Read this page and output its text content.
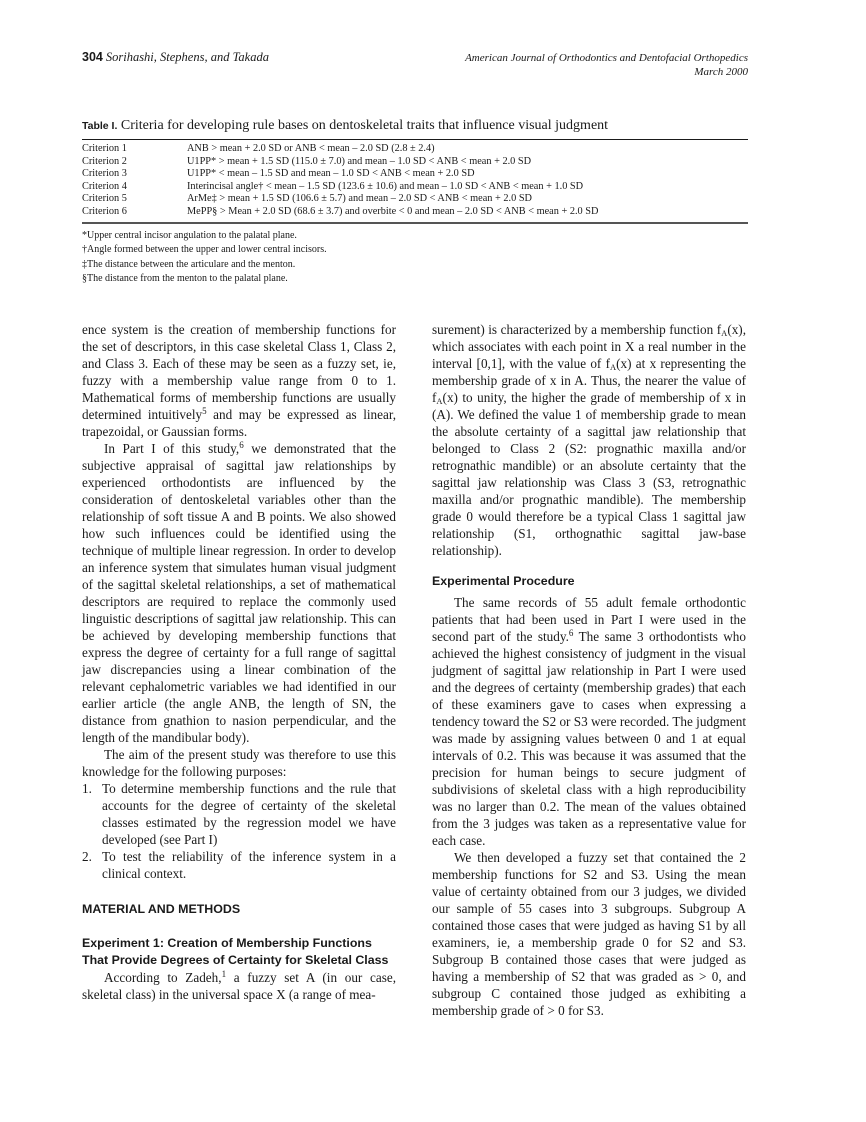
304 Sorihashi, Stephens, and Takada	American Journal of Orthodontics and Dentofacial Orthopedics
March 2000
Table I. Criteria for developing rule bases on dentoskeletal traits that influence visual judgment
Criterion 1	ANB > mean + 2.0 SD or ANB < mean – 2.0 SD (2.8 ± 2.4)
Criterion 2	U1PP* > mean + 1.5 SD (115.0 ± 7.0) and mean – 1.0 SD < ANB < mean + 2.0 SD
Criterion 3	U1PP* < mean – 1.5 SD and mean – 1.0 SD < ANB < mean + 2.0 SD
Criterion 4	Interincisal angle† < mean – 1.5 SD (123.6 ± 10.6) and mean – 1.0 SD < ANB < mean + 1.0 SD
Criterion 5	ArMe‡ > mean + 1.5 SD (106.6 ± 5.7) and mean – 2.0 SD < ANB < mean + 2.0 SD
Criterion 6	MePP§ > Mean + 2.0 SD (68.6 ± 3.7) and overbite < 0 and mean – 2.0 SD < ANB < mean + 2.0 SD
*Upper central incisor angulation to the palatal plane.
†Angle formed between the upper and lower central incisors.
‡The distance between the articulare and the menton.
§The distance from the menton to the palatal plane.

ence system is the creation of membership functions for the set of descriptors, in this case skeletal Class 1, Class 2, and Class 3. Each of these may be seen as a fuzzy set, ie, fuzzy with a membership value range from 0 to 1. Mathematical forms of membership functions are usually determined intuitively$^5$ and may be expressed as linear, trapezoidal, or Gaussian forms.

In Part I of this study,$^6$ we demonstrated that the subjective appraisal of sagittal jaw relationships by experienced orthodontists are influenced by the consideration of dentoskeletal variables other than the relationship of soft tissue A and B points. We also showed how such influences could be identified using the technique of multiple linear regression. In order to develop an inference system that simulates human visual judgment of the sagittal skeletal relationships, a set of mathematical descriptors are required to replace the commonly used linguistic descriptions of sagittal jaw relationship. This can be achieved by developing membership functions that express the degree of certainty for a full range of sagittal jaw discrepancies using a linear combination of the relevant cephalometric variables we had identified in our earlier article (the angle ANB, the length of SN, the distance from gnathion to nasion perpendicular, and the length of the mandibular body).

The aim of the present study was therefore to use this knowledge for the following purposes:

1. To determine membership functions and the rule that accounts for the degree of certainty of the skeletal classes estimated by the regression model we have developed (see Part I)
2. To test the reliability of the inference system in a clinical context.
MATERIAL AND METHODS
Experiment 1: Creation of Membership Functions That Provide Degrees of Certainty for Skeletal Class

According to Zadeh,$^1$ a fuzzy set A (in our case, skeletal class) in the universal space X (a range of mea-

surement) is characterized by a membership function $f_A(x)$, which associates with each point in X a real number in the interval [0,1], with the value of $f_A(x)$ at x representing the membership grade of x in A. Thus, the nearer the value of $f_A(x)$ to unity, the higher the grade of membership of x in (A). We defined the value 1 of membership grade to mean the absolute certainty of a sagittal jaw relationship that belonged to Class 2 (S2: prognathic maxilla and/or retrognathic mandible) or an absolute certainty that the sagittal jaw relationship was Class 3 (S3, retrognathic maxilla and/or prognathic mandible). The membership grade 0 would therefore be a typical Class 1 sagittal jaw relationship (S1, orthognathic sagittal jaw-base relationship).

Experimental Procedure

The same records of 55 adult female orthodontic patients that had been used in Part I were used in the second part of the study.$^6$ The same 3 orthodontists who achieved the highest consistency of judgment in the visual judgment of sagittal jaw relationship in Part I were used and the degrees of certainty (membership grades) that each of these examiners gave to cases when expressing a tendency toward the S2 or S3 were recorded. The judgment was made by assigning values between 0 and 1 at equal intervals of 0.2. This was because it was assumed that the precision for human beings to secure judgment of subdivisions of skeletal class with a high reproducibility was no larger than 0.2. The mean of the values obtained from the 3 judges was taken as a representative value for each case.

We then developed a fuzzy set that contained the 2 membership functions for S2 and S3. Using the mean value of certainty obtained from our 3 judges, we divided our sample of 55 cases into 3 subgroups. Subgroup A contained those cases that were judged as having S1 by all examiners, ie, a membership grade 0 for S2 and S3. Subgroup B contained those cases that were judged as having a membership of S2 that was graded as > 0, and subgroup C contained those judged as exhibiting a membership grade of > 0 for S3.
